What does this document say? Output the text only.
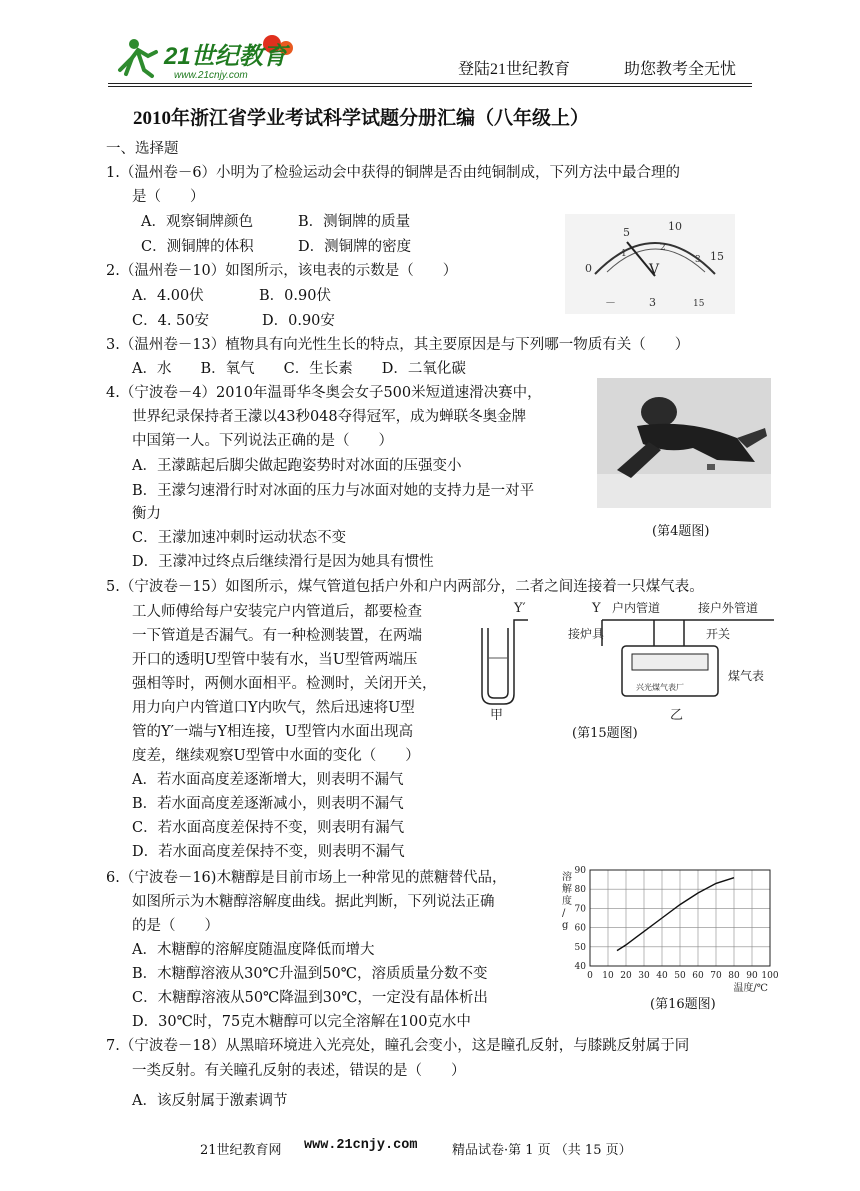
21世纪教育
www.21cnjy.com	登陆21世纪教育	助您教考全无忧
2010年浙江省学业考试科学试题分册汇编（八年级上）
一、选择题
1.（温州卷－6）小明为了检验运动会中获得的铜牌是否由纯铜制成，下列方法中最合理的
是（　　）
A．观察铜牌颜色	B．测铜牌的质量
C．测铜牌的体积	D．测铜牌的密度
0
5	10
15
1
2
3
V
－	3	15
2.（温州卷－10）如图所示，该电表的示数是（　　）
A．4.00伏	B．0.90伏
C．4. 50安	D．0.90安
3.（温州卷－13）植物具有向光性生长的特点，其主要原因是与下列哪一物质有关（　　）
A．水　　B．氧气　　C．生长素　　D．二氧化碳
4.（宁波卷－4）2010年温哥华冬奥会女子500米短道速滑决赛中，
世界纪录保持者王濛以43秒048夺得冠军，成为蝉联冬奥金牌
中国第一人。下列说法正确的是（　　）
A．王濛踮起后脚尖做起跑姿势时对冰面的压强变小
B．王濛匀速滑行时对冰面的压力与冰面对她的支持力是一对平
衡力
C．王濛加速冲刺时运动状态不变
D．王濛冲过终点后继续滑行是因为她具有惯性
(第4题图)
5.（宁波卷－15）如图所示，煤气管道包括户外和户内两部分，二者之间连接着一只煤气表。
工人师傅给每户安装完户内管道后，都要检查
一下管道是否漏气。有一种检测装置，在两端
开口的透明U型管中装有水，当U型管两端压
强相等时，两侧水面相平。检测时，关闭开关，
用力向户内管道口Y内吹气，然后迅速将U型
管的Y′一端与Y相连接，U型管内水面出现高
度差，继续观察U型管中水面的变化（　　）
A．若水面高度差逐渐增大，则表明不漏气
B．若水面高度差逐渐减小，则表明不漏气
C．若水面高度差保持不变，则表明有漏气
D．若水面高度差保持不变，则表明不漏气
Y′
甲
Y 户内管道	接户外管道
接炉具	开关
煤气表
兴光煤气表厂
乙
(第15题图)
6.（宁波卷－16)木糖醇是目前市场上一种常见的蔗糖替代品，
如图所示为木糖醇溶解度曲线。据此判断，下列说法正确
的是（　　）
A．木糖醇的溶解度随温度降低而增大
B．木糖醇溶液从30℃升温到50℃，溶质质量分数不变
C．木糖醇溶液从50℃降温到30℃，一定没有晶体析出
D．30℃时，75克木糖醇可以完全溶解在100克水中
0 10 20 30 40 50 60 70 80 90 100
40
50
60
70
80
90
溶
解
度
/
g
温度/℃
(第16题图)
7.（宁波卷－18）从黑暗环境进入光亮处，瞳孔会变小，这是瞳孔反射，与膝跳反射属于同
一类反射。有关瞳孔反射的表述，错误的是（　　）
A．该反射属于激素调节
21世纪教育网 www.21cnjy.com	精品试卷·第 1 页 （共 15 页）
